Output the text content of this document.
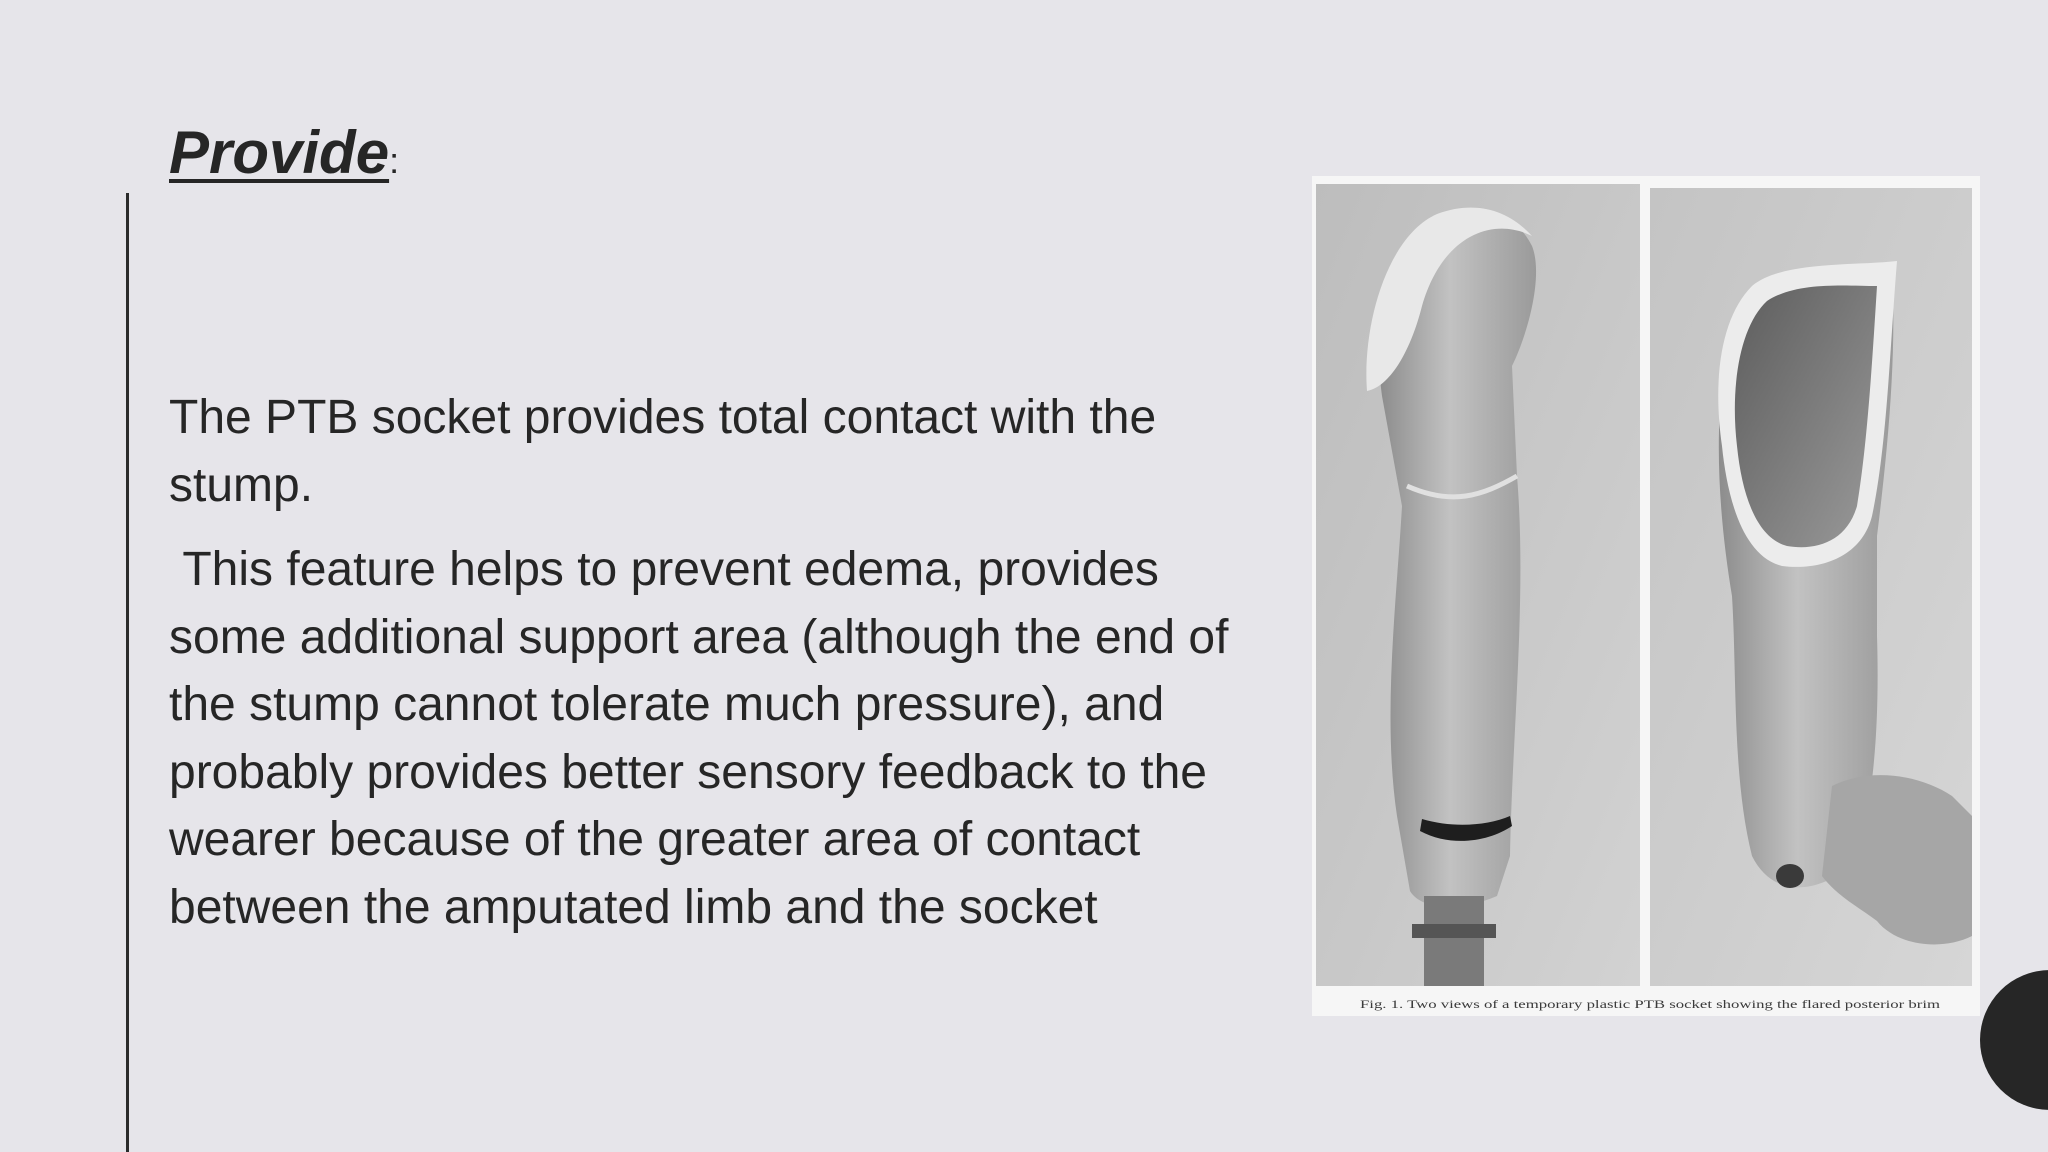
Provide:

The PTB socket provides total contact with the stump.

This feature helps to prevent edema, provides some additional support area (although the end of the stump cannot tolerate much pressure), and probably provides better sensory feedback to the wearer because of the greater area of contact between the amputated limb and the socket

Fig. 1. Two views of a temporary plastic PTB socket showing the flared posterior brim
